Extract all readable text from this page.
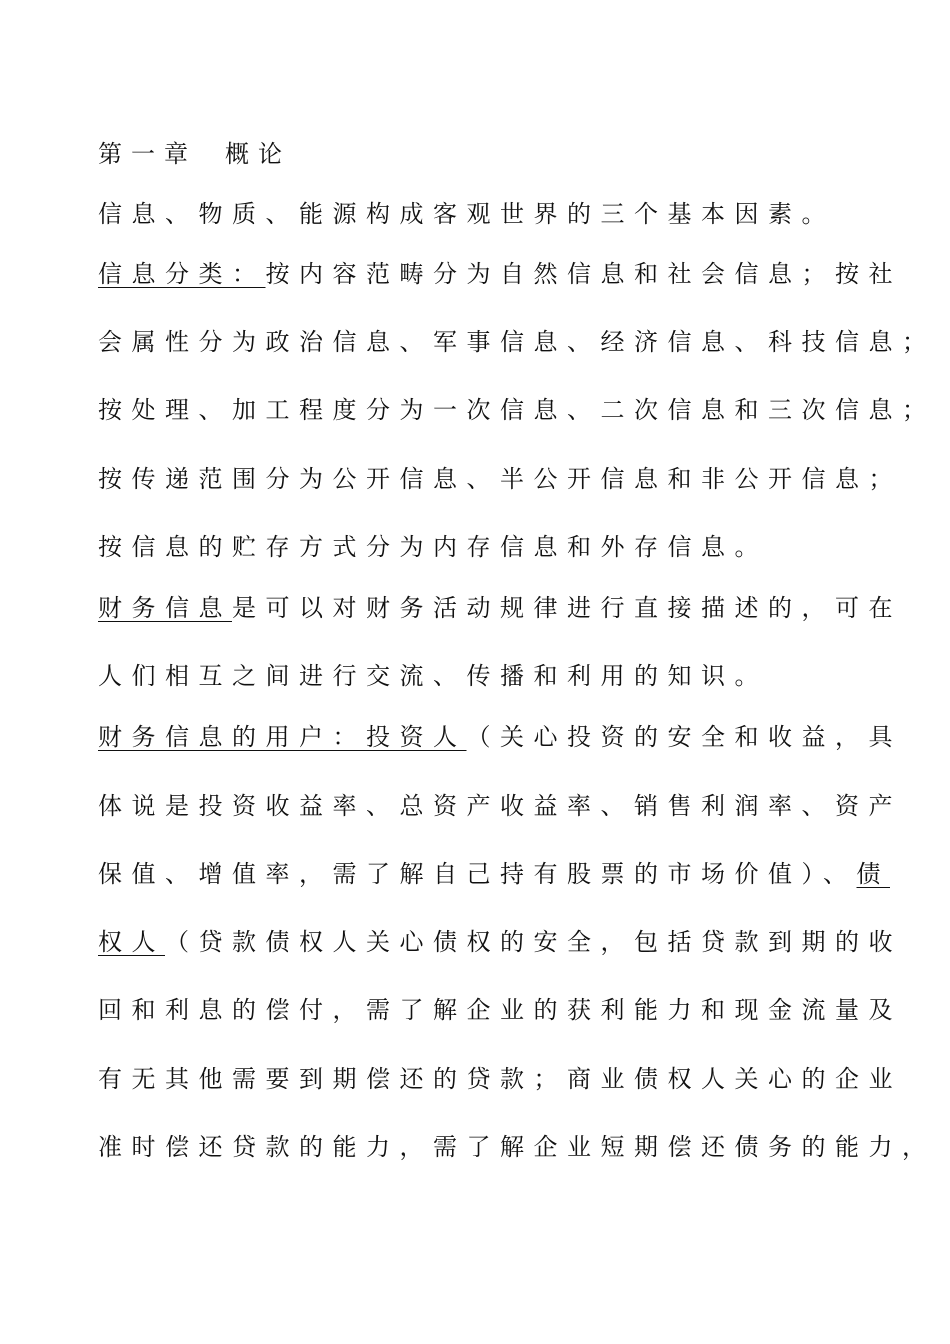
第一章 概论
信息、物质、能源构成客观世界的三个基本因素。
信息分类：按内容范畴分为自然信息和社会信息；按社
会属性分为政治信息、军事信息、经济信息、科技信息；
按处理、加工程度分为一次信息、二次信息和三次信息；
按传递范围分为公开信息、半公开信息和非公开信息；
按信息的贮存方式分为内存信息和外存信息。
财务信息是可以对财务活动规律进行直接描述的，可在
人们相互之间进行交流、传播和利用的知识。
财务信息的用户：投资人（关心投资的安全和收益，具
体说是投资收益率、总资产收益率、销售利润率、资产
保值、增值率，需了解自己持有股票的市场价值）、债
权人（贷款债权人关心债权的安全，包括贷款到期的收
回和利息的偿付，需了解企业的获利能力和现金流量及
有无其他需要到期偿还的贷款；商业债权人关心的企业
准时偿还贷款的能力，需了解企业短期偿还债务的能力，
